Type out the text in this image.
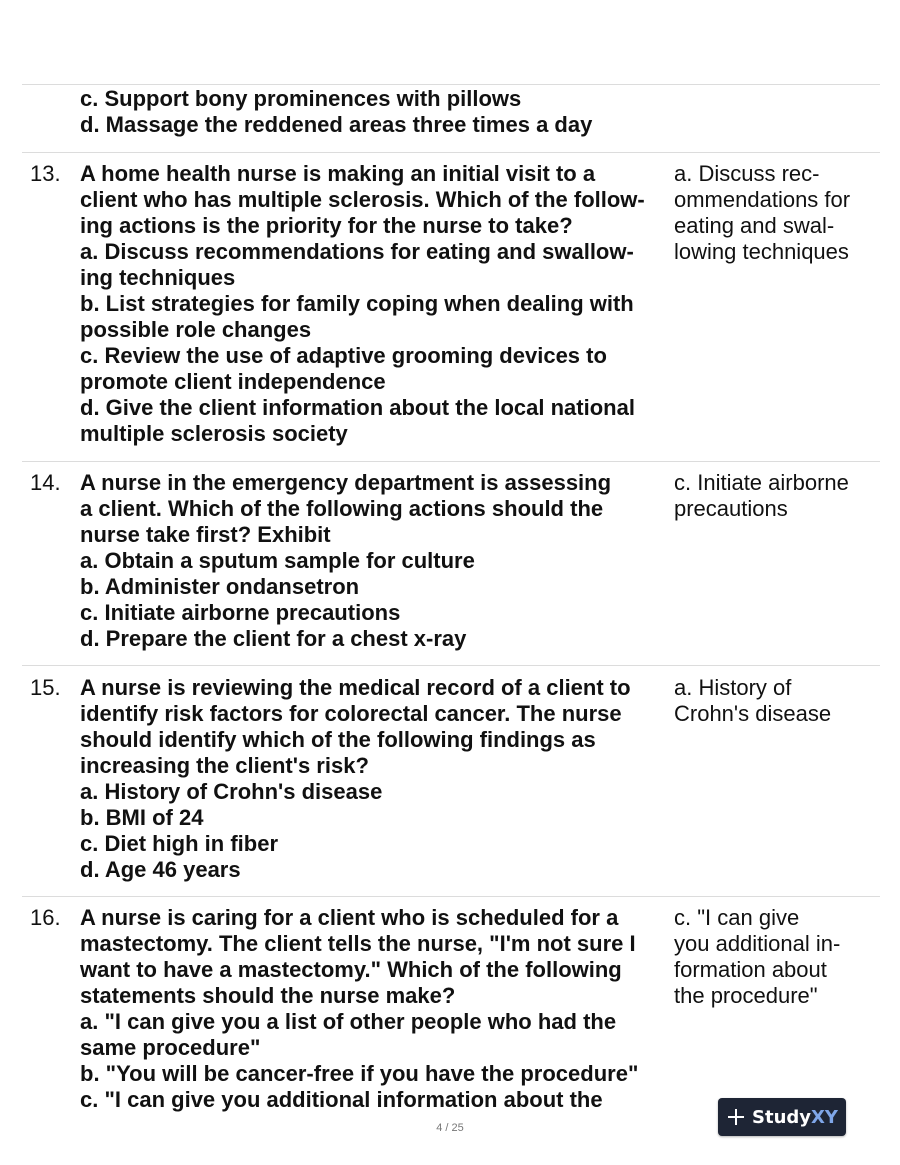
c. Support bony prominences with pillows
d. Massage the reddened areas three times a day
13. A home health nurse is making an initial visit to a
client who has multiple sclerosis. Which of the follow-
ing actions is the priority for the nurse to take?
a. Discuss recommendations for eating and swallow-
ing techniques
b. List strategies for family coping when dealing with
possible role changes
c. Review the use of adaptive grooming devices to
promote client independence
d. Give the client information about the local national
multiple sclerosis society
a. Discuss rec-
ommendations for
eating and swal-
lowing techniques
14. A nurse in the emergency department is assessing
a client. Which of the following actions should the
nurse take first? Exhibit
a. Obtain a sputum sample for culture
b. Administer ondansetron
c. Initiate airborne precautions
d. Prepare the client for a chest x-ray
c. Initiate airborne
precautions
15. A nurse is reviewing the medical record of a client to
identify risk factors for colorectal cancer. The nurse
should identify which of the following findings as
increasing the client's risk?
a. History of Crohn's disease
b. BMI of 24
c. Diet high in fiber
d. Age 46 years
a. History of
Crohn's disease
16. A nurse is caring for a client who is scheduled for a
mastectomy. The client tells the nurse, "I'm not sure I
want to have a mastectomy." Which of the following
statements should the nurse make?
a. "I can give you a list of other people who had the
same procedure"
b. "You will be cancer-free if you have the procedure"
c. "I can give you additional information about the
c. "I can give
you additional in-
formation about
the procedure"
4 / 25
StudyXY
